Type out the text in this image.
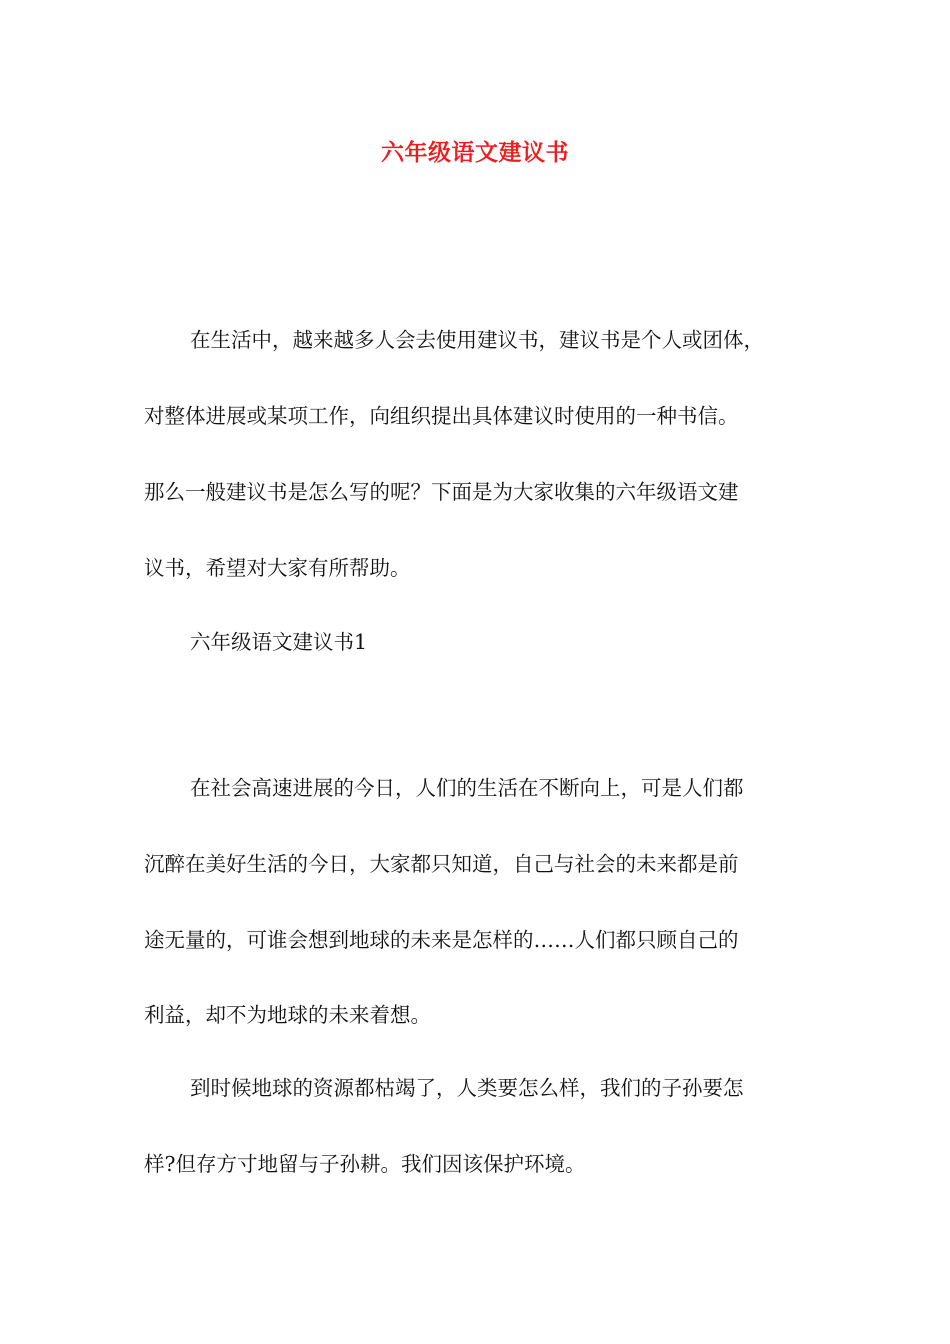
六年级语文建议书
在生活中，越来越多人会去使用建议书，建议书是个人或团体，
对整体进展或某项工作，向组织提出具体建议时使用的一种书信。
那么一般建议书是怎么写的呢？下面是为大家收集的六年级语文建
议书，希望对大家有所帮助。
六年级语文建议书1
在社会高速进展的今日，人们的生活在不断向上，可是人们都
沉醉在美好生活的今日，大家都只知道，自己与社会的未来都是前
途无量的，可谁会想到地球的未来是怎样的……人们都只顾自己的
利益，却不为地球的未来着想。
到时候地球的资源都枯竭了，人类要怎么样，我们的子孙要怎
样?但存方寸地留与子孙耕。我们因该保护环境。
